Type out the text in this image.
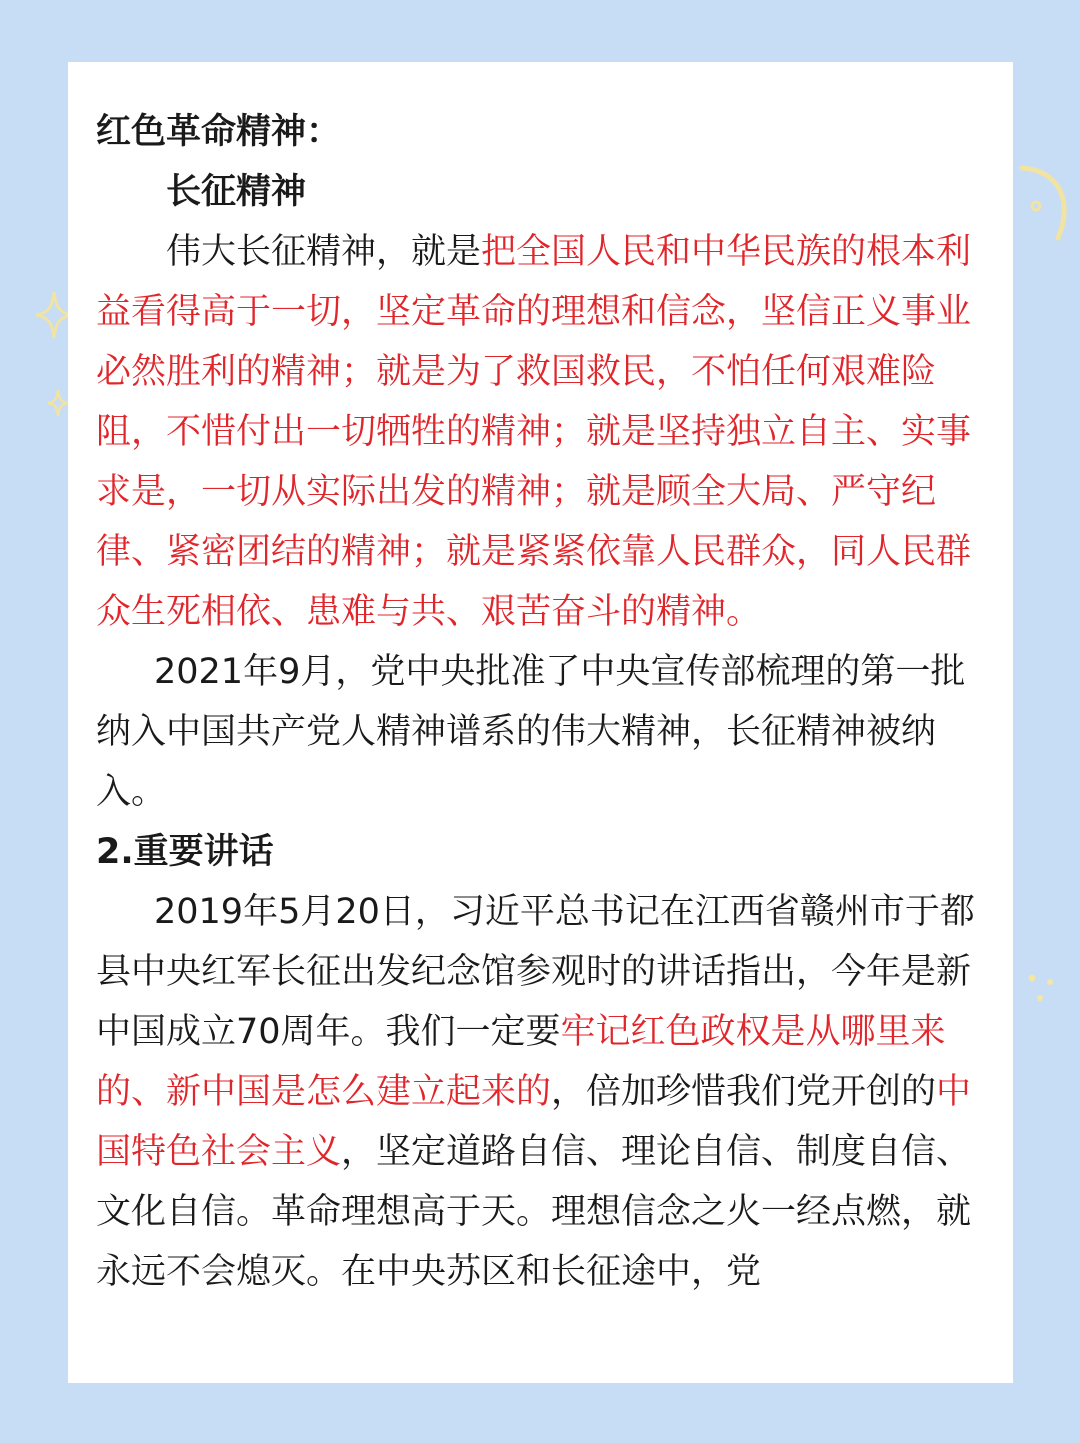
红色革命精神：

长征精神

伟大长征精神，就是把全国人民和中华民族的根本利益看得高于一切，坚定革命的理想和信念，坚信正义事业必然胜利的精神；就是为了救国救民，不怕任何艰难险阻，不惜付出一切牺牲的精神；就是坚持独立自主、实事求是，一切从实际出发的精神；就是顾全大局、严守纪律、紧密团结的精神；就是紧紧依靠人民群众，同人民群众生死相依、患难与共、艰苦奋斗的精神。

2021年9月，党中央批准了中央宣传部梳理的第一批纳入中国共产党人精神谱系的伟大精神，长征精神被纳入。

2.重要讲话

2019年5月20日，习近平总书记在江西省赣州市于都县中央红军长征出发纪念馆参观时的讲话指出，今年是新中国成立70周年。我们一定要牢记红色政权是从哪里来的、新中国是怎么建立起来的，倍加珍惜我们党开创的中国特色社会主义，坚定道路自信、理论自信、制度自信、文化自信。革命理想高于天。理想信念之火一经点燃，就永远不会熄灭。在中央苏区和长征途中，党
